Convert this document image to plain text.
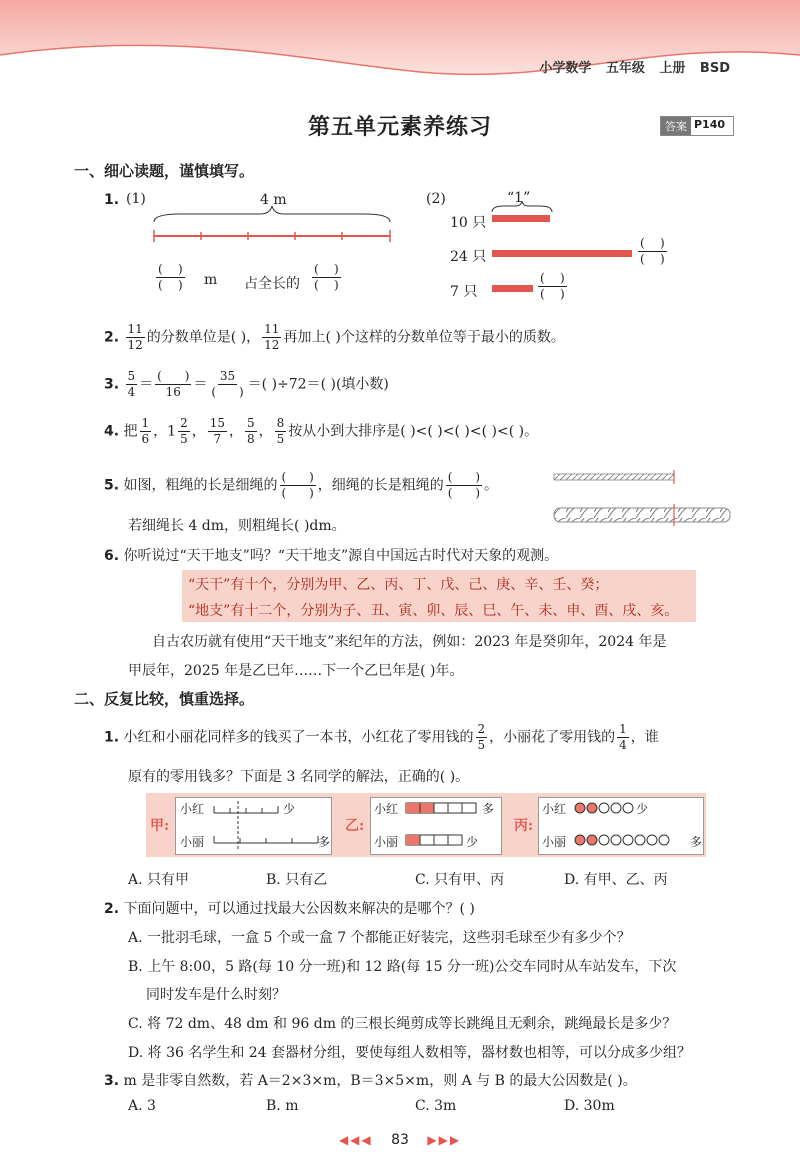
小学数学 五年级 上册 BSD
第五单元素养练习	答案 P140
一、细心读题，谨慎填写。
1. (1)	4 m
$\frac{( )}{( )}$ m 占全长的 $\frac{( )}{( )}$
(2)	“1”
10 只
24 只	$\frac{( )}{( )}$
7 只	$\frac{( )}{( )}$
2. $\frac{11}{12}$ 的分数单位是( )， $\frac{11}{12}$ 再加上( )个这样的分数单位等于最小的质数。
3. $\frac{5}{4} = \frac{( )}{16} = \frac{35}{( )}$ ＝( )÷72＝( )(填小数)
4. 把 $\frac{1}{6}$ ，$1 \frac{2}{5}$ ， $\frac{15}{7}$ ， $\frac{5}{8}$ ， $\frac{8}{5}$ 按从小到大排序是( )<( )<( )<( )<( )。
5. 如图，粗绳的长是细绳的 $\frac{( )}{( )}$ ，细绳的长是粗绳的 $\frac{( )}{( )}$ 。
若细绳长 4 dm，则粗绳长( )dm。
6. 你听说过“天干地支”吗？“天干地支”源自中国远古时代对天象的观测。
“天干”有十个，分别为甲、乙、丙、丁、戊、己、庚、辛、壬、癸；
“地支”有十二个，分别为子、丑、寅、卯、辰、巳、午、未、申、酉、戌、亥。
自古农历就有使用“天干地支”来纪年的方法，例如：2023 年是癸卯年，2024 年是
甲辰年，2025 年是乙巳年……下一个乙巳年是( )年。
二、反复比较，慎重选择。
1. 小红和小丽花同样多的钱买了一本书，小红花了零用钱的 $\frac{2}{5}$ ，小丽花了零用钱的 $\frac{1}{4}$ ，谁
原有的零用钱多？下面是 3 名同学的解法，正确的( )。
甲:
小红
小丽
少
多
乙:
小红
小丽
多
少
丙:
小红
小丽
少
多
A. 只有甲	B. 只有乙	C. 只有甲、丙	D. 有甲、乙、丙
2. 下面问题中，可以通过找最大公因数来解决的是哪个？( )
A. 一批羽毛球，一盒 5 个或一盒 7 个都能正好装完，这些羽毛球至少有多少个？
B. 上午 8:00，5 路(每 10 分一班)和 12 路(每 15 分一班)公交车同时从车站发车，下次
同时发车是什么时刻？
C. 将 72 dm、48 dm 和 96 dm 的三根长绳剪成等长跳绳且无剩余，跳绳最长是多少？
D. 将 36 名学生和 24 套器材分组，要使每组人数相等，器材数也相等，可以分成多少组？
3. m 是非零自然数，若 A＝2×3×m，B＝3×5×m，则 A 与 B 的最大公因数是( )。
A. 3	B. m	C. 3m	D. 30m
◀◀◀ 83 ▶▶▶
